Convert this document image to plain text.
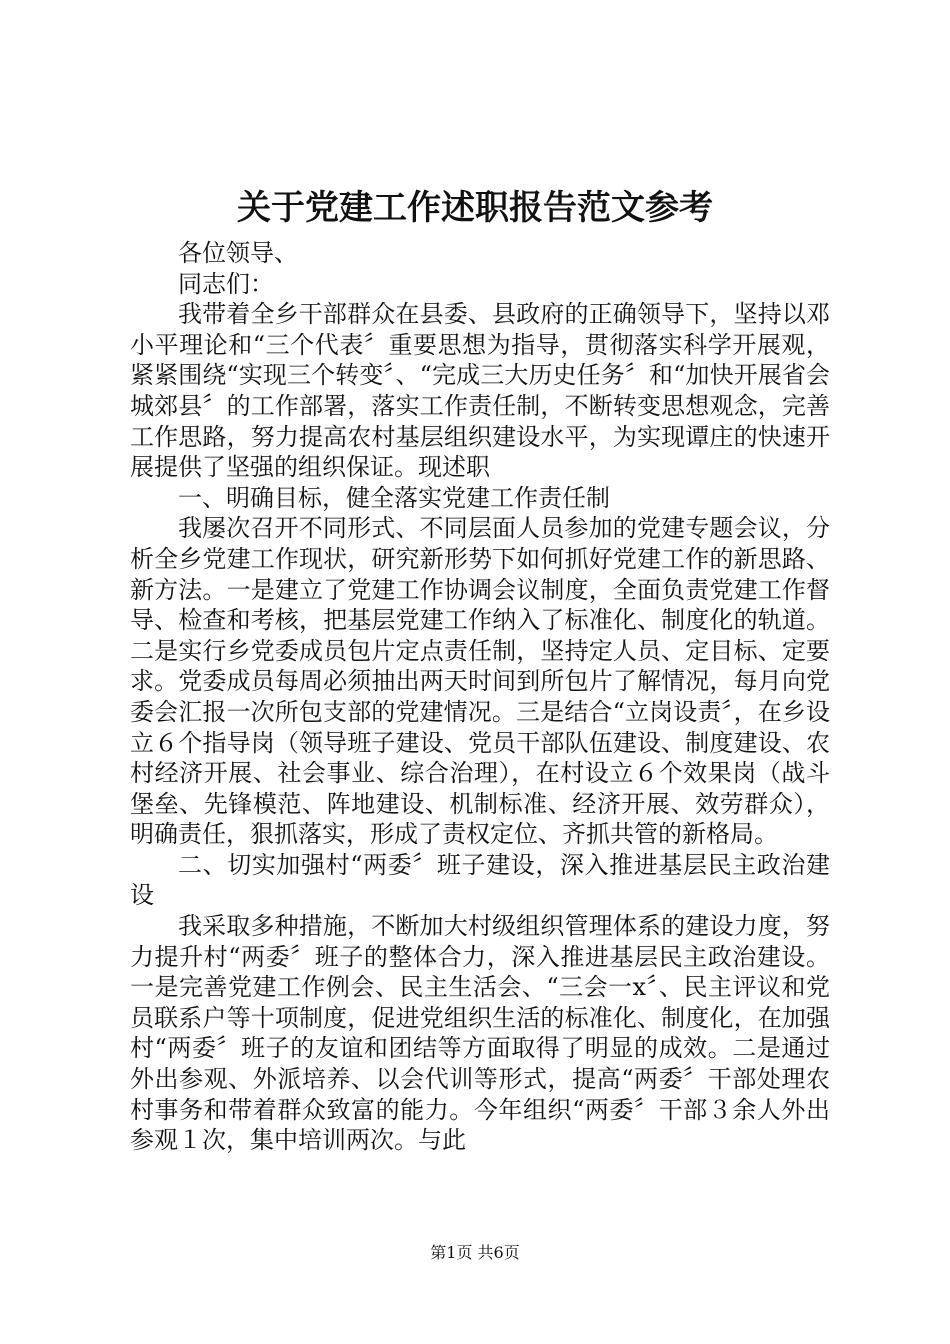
关于党建工作述职报告范文参考

各位领导、

同志们：

我带着全乡干部群众在县委、县政府的正确领导下，坚持以邓小平理论和“三个代表〞重要思想为指导，贯彻落实科学开展观，紧紧围绕“实现三个转变〞、“完成三大历史任务〞和“加快开展省会城郊县〞的工作部署，落实工作责任制，不断转变思想观念，完善工作思路，努力提高农村基层组织建设水平，为实现谭庄的快速开展提供了坚强的组织保证。现述职

一、明确目标，健全落实党建工作责任制

我屡次召开不同形式、不同层面人员参加的党建专题会议，分析全乡党建工作现状，研究新形势下如何抓好党建工作的新思路、新方法。一是建立了党建工作协调会议制度，全面负责党建工作督导、检查和考核，把基层党建工作纳入了标准化、制度化的轨道。二是实行乡党委成员包片定点责任制，坚持定人员、定目标、定要求。党委成员每周必须抽出两天时间到所包片了解情况，每月向党委会汇报一次所包支部的党建情况。三是结合“立岗设责〞，在乡设立６个指导岗（领导班子建设、党员干部队伍建设、制度建设、农村经济开展、社会事业、综合治理），在村设立６个效果岗（战斗堡垒、先锋模范、阵地建设、机制标准、经济开展、效劳群众），明确责任，狠抓落实，形成了责权定位、齐抓共管的新格局。

二、切实加强村“两委〞班子建设，深入推进基层民主政治建设

我采取多种措施，不断加大村级组织管理体系的建设力度，努力提升村“两委〞班子的整体合力，深入推进基层民主政治建设。一是完善党建工作例会、民主生活会、“三会一x〞、民主评议和党员联系户等十项制度，促进党组织生活的标准化、制度化，在加强村“两委〞班子的友谊和团结等方面取得了明显的成效。二是通过外出参观、外派培养、以会代训等形式，提高“两委〞干部处理农村事务和带着群众致富的能力。今年组织“两委〞干部３余人外出参观１次，集中培训两次。与此

第1页 共6页
